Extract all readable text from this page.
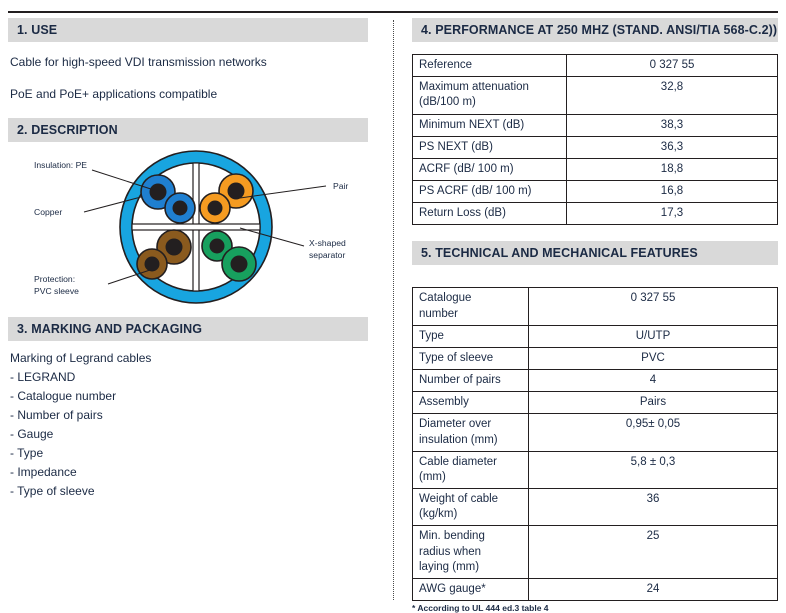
1. USE
Cable for high-speed VDI transmission networks
PoE and PoE+ applications compatible
2. DESCRIPTION
Insulation: PE
Copper
Protection:
PVC sleeve
Pair
X-shaped
separator
3. MARKING AND PACKAGING
Marking of Legrand cables
- LEGRAND
- Catalogue number
- Number of pairs
- Gauge
- Type
- Impedance
- Type of sleeve
4. PERFORMANCE AT 250 MHZ (STAND. ANSI/TIA 568-C.2))
Reference	0 327 55
Maximum attenuation
(dB/100 m)	32,8
Minimum NEXT (dB)	38,3
PS NEXT (dB)	36,3
ACRF (dB/ 100 m)	18,8
PS ACRF (dB/ 100 m)	16,8
Return Loss (dB)	17,3
5. TECHNICAL AND MECHANICAL FEATURES
Catalogue
number	0 327 55
Type	U/UTP
Type of sleeve	PVC
Number of pairs	4
Assembly	Pairs
Diameter over
insulation (mm)	0,95± 0,05
Cable diameter
(mm)	5,8 ± 0,3
Weight of cable
(kg/km)	36
Min. bending
radius when
laying (mm)	25
AWG gauge*	24
* According to UL 444 ed.3 table 4
